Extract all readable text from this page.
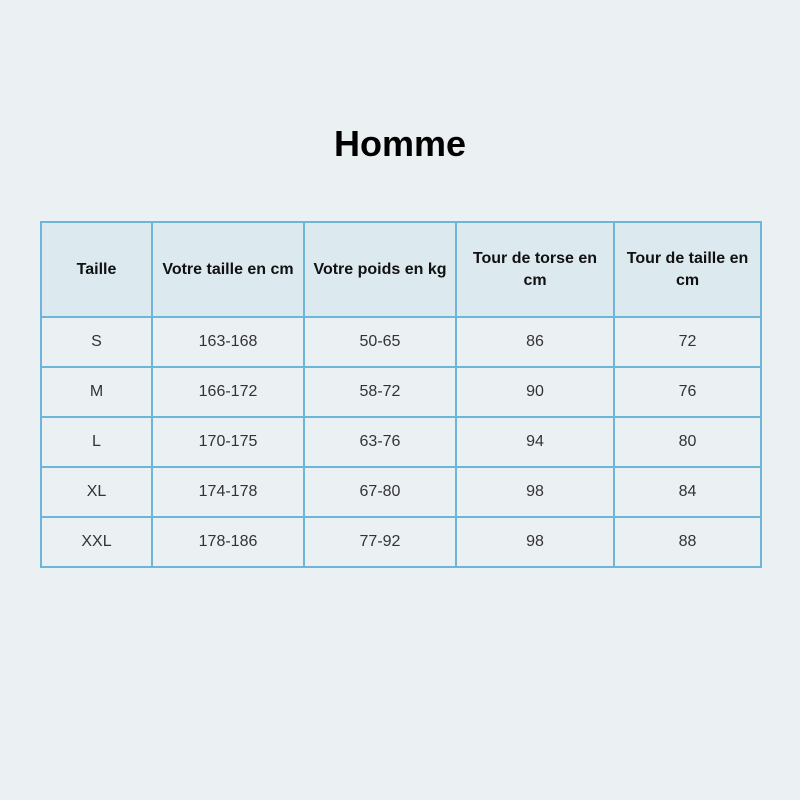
Homme
Taille	Votre taille en cm	Votre poids en kg	Tour de torse en cm	Tour de taille en cm
S	163-168	50-65	86	72
M	166-172	58-72	90	76
L	170-175	63-76	94	80
XL	174-178	67-80	98	84
XXL	178-186	77-92	98	88
